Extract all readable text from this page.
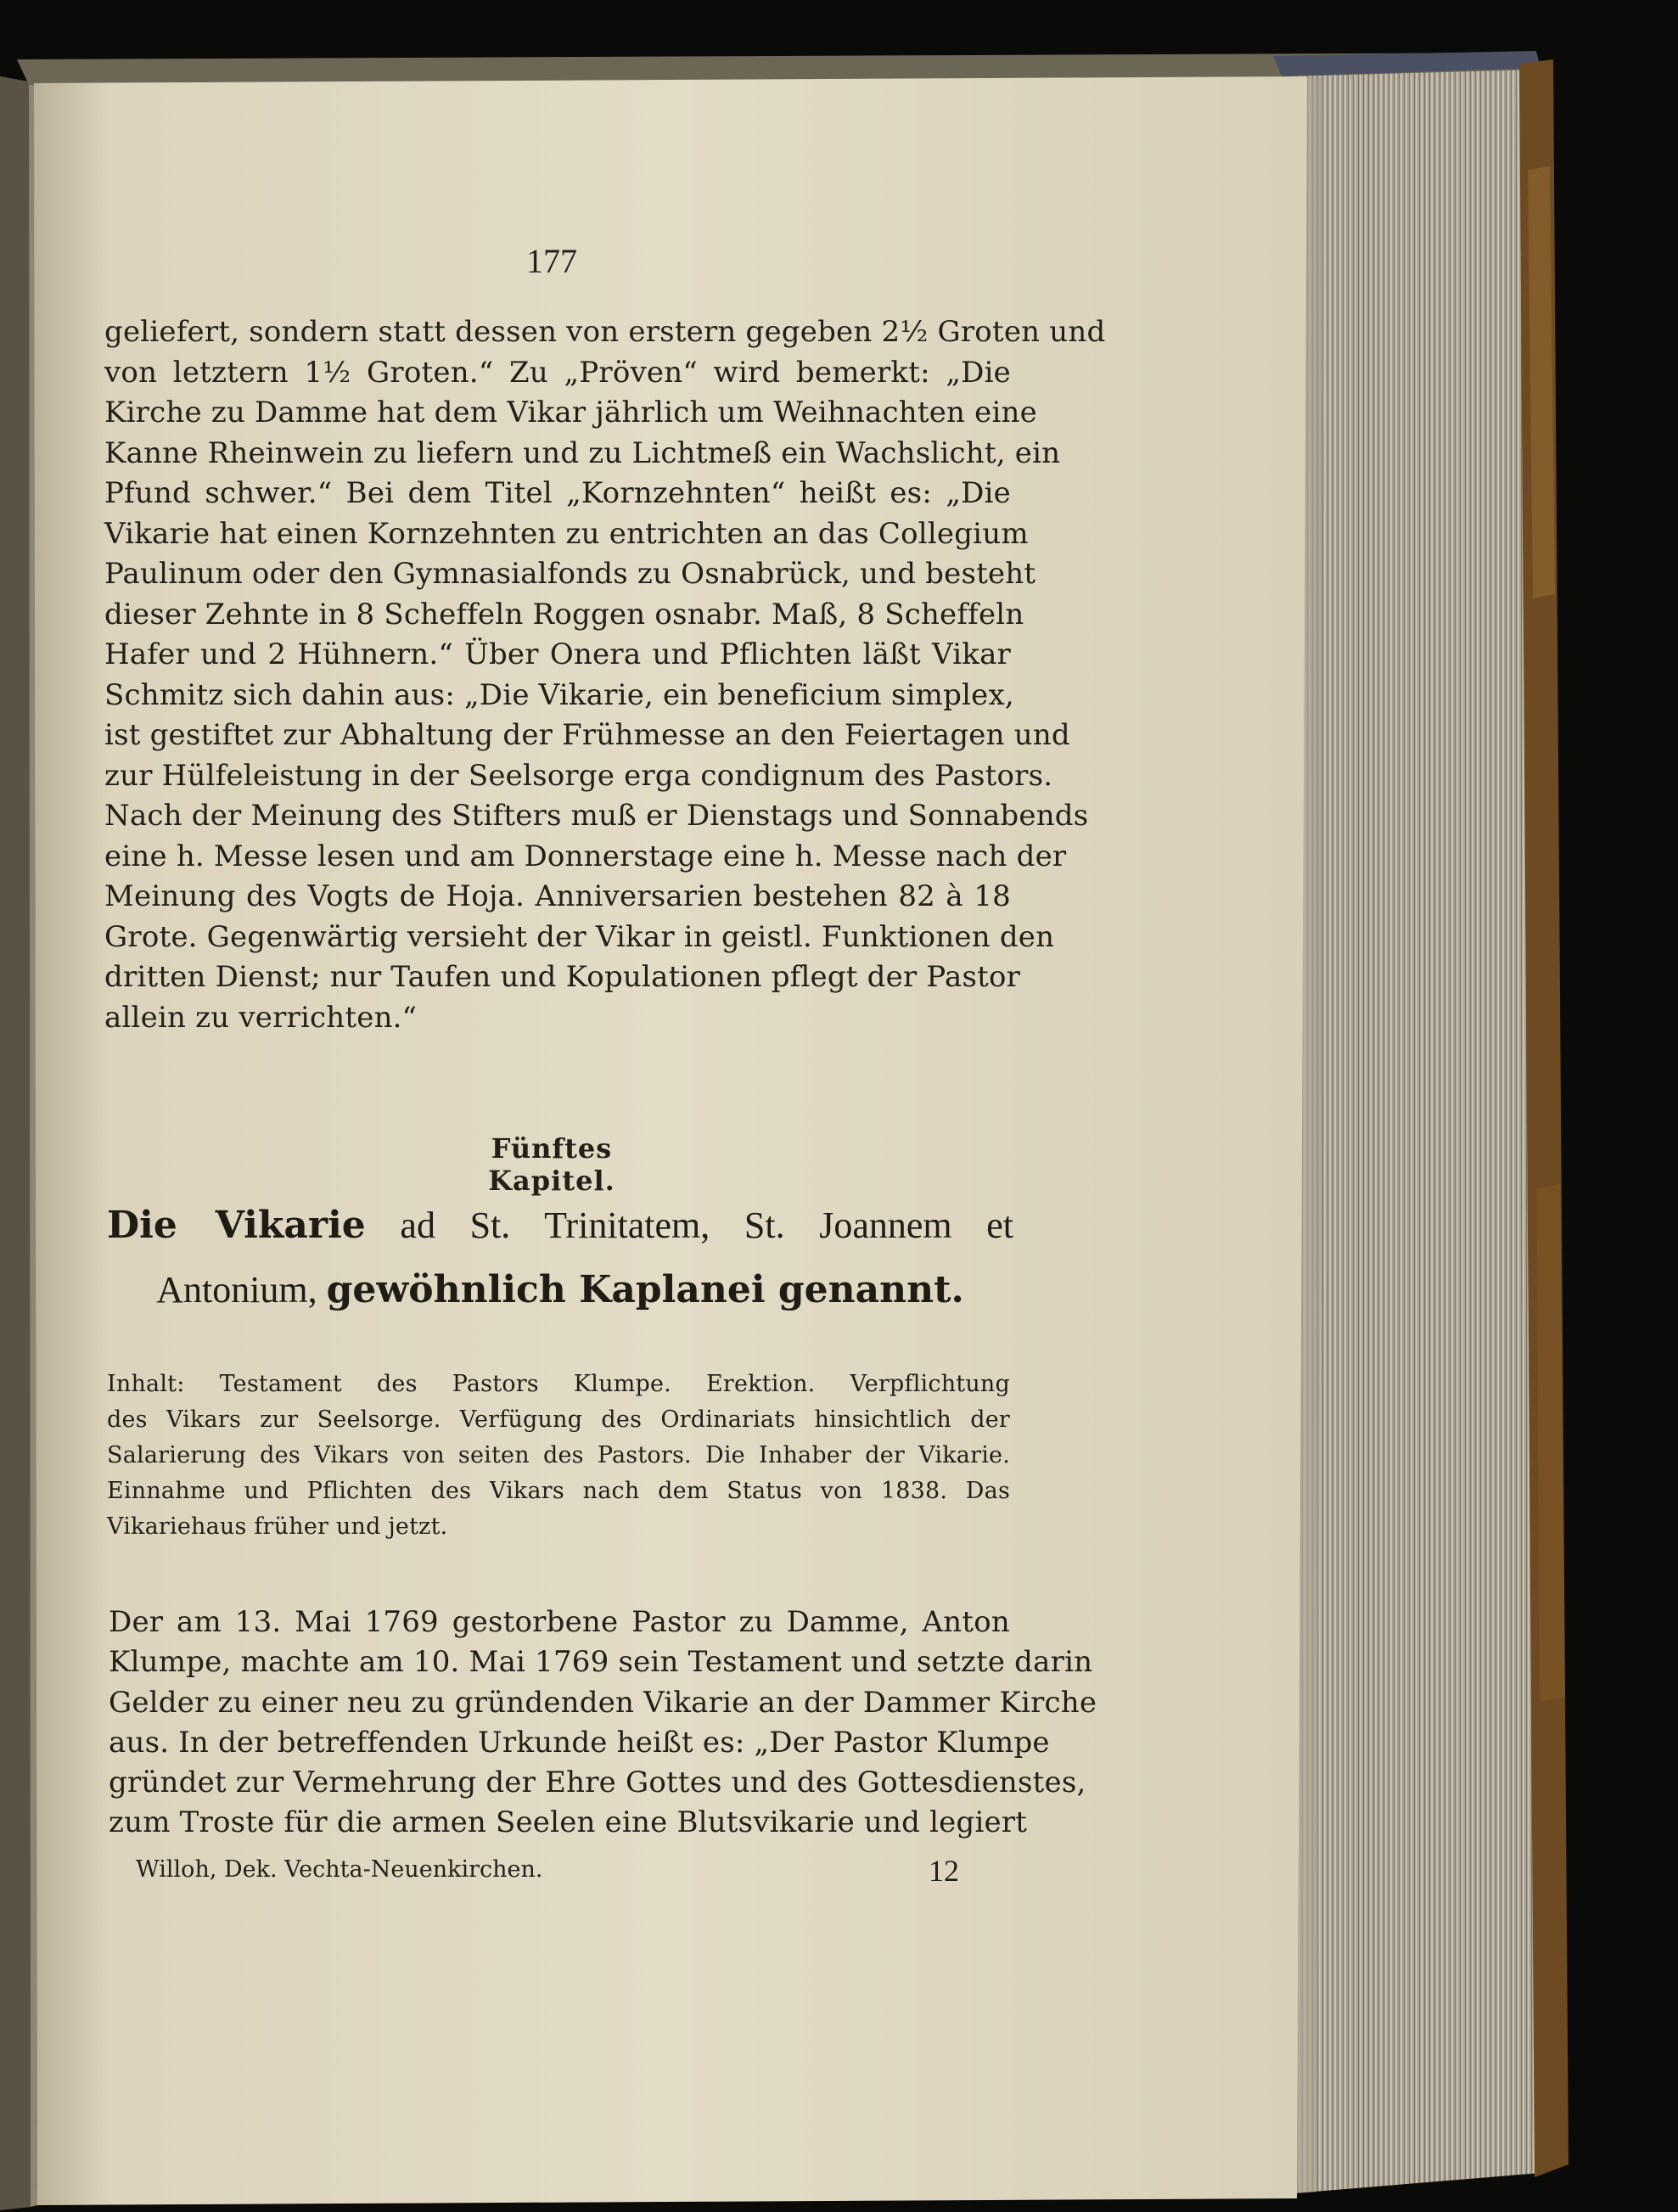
177
geliefert, sondern statt dessen von erstern gegeben 2½ Groten und
von letztern 1½ Groten.“ Zu „Pröven“ wird bemerkt: „Die
Kirche zu Damme hat dem Vikar jährlich um Weihnachten eine
Kanne Rheinwein zu liefern und zu Lichtmeß ein Wachslicht, ein
Pfund schwer.“ Bei dem Titel „Kornzehnten“ heißt es: „Die
Vikarie hat einen Kornzehnten zu entrichten an das Collegium
Paulinum oder den Gymnasialfonds zu Osnabrück, und besteht
dieser Zehnte in 8 Scheffeln Roggen osnabr. Maß, 8 Scheffeln
Hafer und 2 Hühnern.“ Über Onera und Pflichten läßt Vikar
Schmitz sich dahin aus: „Die Vikarie, ein beneficium simplex,
ist gestiftet zur Abhaltung der Frühmesse an den Feiertagen und
zur Hülfeleistung in der Seelsorge erga condignum des Pastors.
Nach der Meinung des Stifters muß er Dienstags und Sonnabends
eine h. Messe lesen und am Donnerstage eine h. Messe nach der
Meinung des Vogts de Hoja. Anniversarien bestehen 82 à 18
Grote. Gegenwärtig versieht der Vikar in geistl. Funktionen den
dritten Dienst; nur Taufen und Kopulationen pflegt der Pastor
allein zu verrichten.“
Fünftes Kapitel.
Die Vikarie ad St. Trinitatem, St. Joannem et
Antonium, gewöhnlich Kaplanei genannt.
Inhalt: Testament des Pastors Klumpe. Erektion. Verpflichtung
des Vikars zur Seelsorge. Verfügung des Ordinariats hinsichtlich der
Salarierung des Vikars von seiten des Pastors. Die Inhaber der Vikarie.
Einnahme und Pflichten des Vikars nach dem Status von 1838. Das
Vikariehaus früher und jetzt.
Der am 13. Mai 1769 gestorbene Pastor zu Damme, Anton
Klumpe, machte am 10. Mai 1769 sein Testament und setzte darin
Gelder zu einer neu zu gründenden Vikarie an der Dammer Kirche
aus. In der betreffenden Urkunde heißt es: „Der Pastor Klumpe
gründet zur Vermehrung der Ehre Gottes und des Gottesdienstes,
zum Troste für die armen Seelen eine Blutsvikarie und legiert
Willoh, Dek. Vechta-Neuenkirchen.	12
